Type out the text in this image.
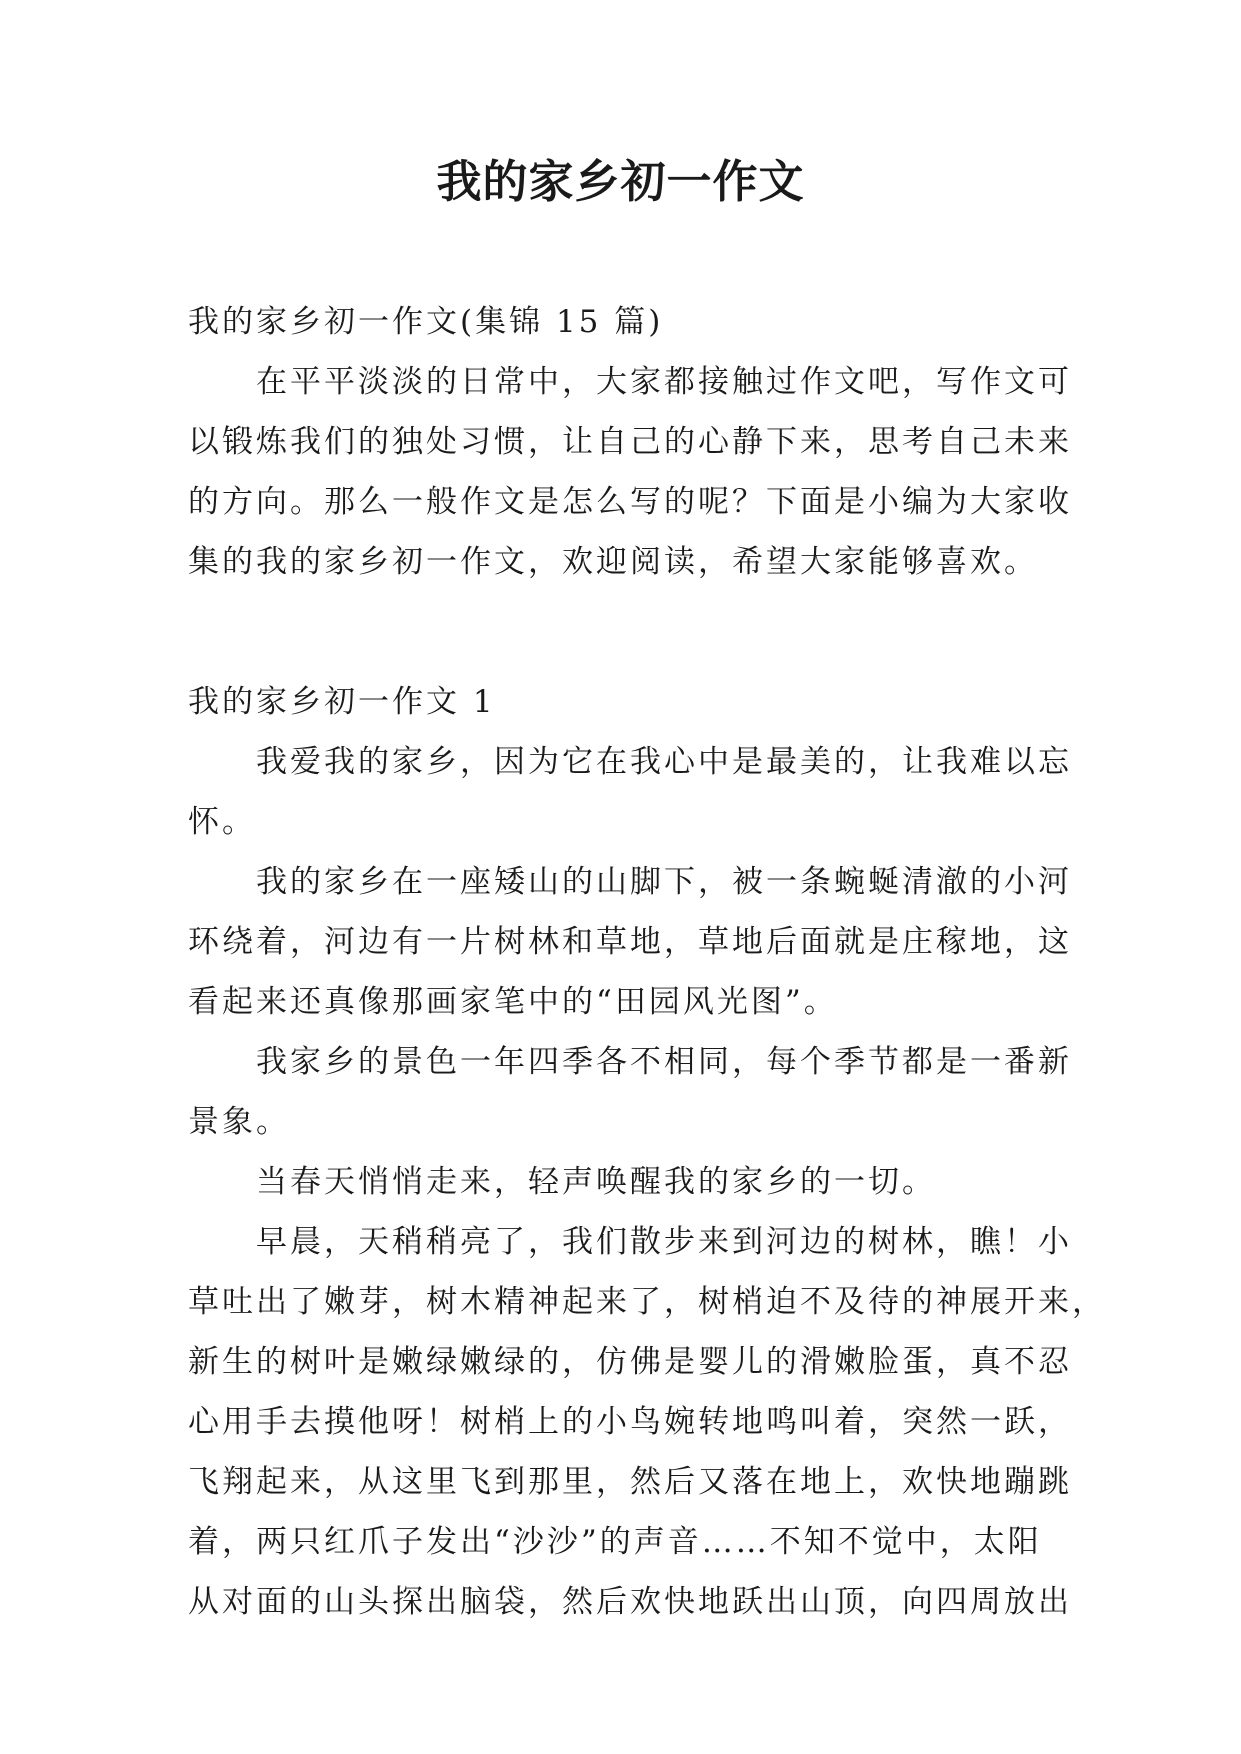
我的家乡初一作文
我的家乡初一作文(集锦 15 篇)
在平平淡淡的日常中，大家都接触过作文吧，写作文可
以锻炼我们的独处习惯，让自己的心静下来，思考自己未来
的方向。那么一般作文是怎么写的呢？下面是小编为大家收
集的我的家乡初一作文，欢迎阅读，希望大家能够喜欢。
我的家乡初一作文 1
我爱我的家乡，因为它在我心中是最美的，让我难以忘
怀。
我的家乡在一座矮山的山脚下，被一条蜿蜒清澈的小河
环绕着，河边有一片树林和草地，草地后面就是庄稼地，这
看起来还真像那画家笔中的“田园风光图”。
我家乡的景色一年四季各不相同，每个季节都是一番新
景象。
当春天悄悄走来，轻声唤醒我的家乡的一切。
早晨，天稍稍亮了，我们散步来到河边的树林，瞧！小
草吐出了嫩芽，树木精神起来了，树梢迫不及待的神展开来，
新生的树叶是嫩绿嫩绿的，仿佛是婴儿的滑嫩脸蛋，真不忍
心用手去摸他呀！树梢上的小鸟婉转地鸣叫着，突然一跃，
飞翔起来，从这里飞到那里，然后又落在地上，欢快地蹦跳
着，两只红爪子发出“沙沙”的声音……不知不觉中，太阳
从对面的山头探出脑袋，然后欢快地跃出山顶，向四周放出
